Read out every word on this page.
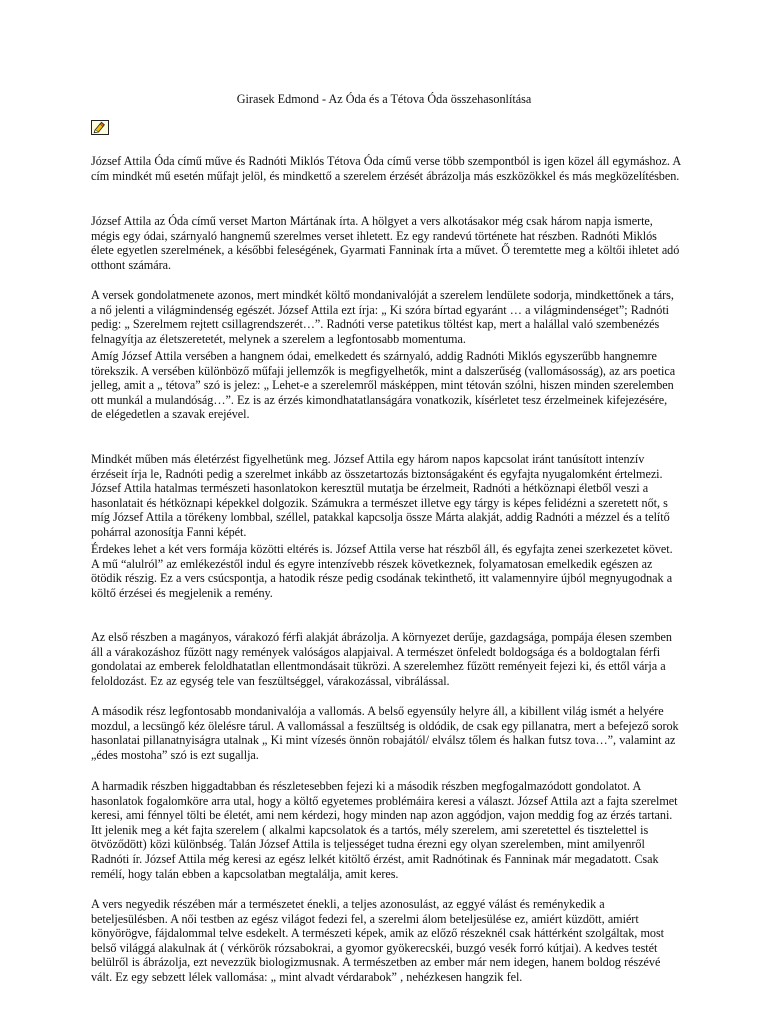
Girasek Edmond - Az Óda és a Tétova Óda összehasonlítása

József Attila Óda című műve és Radnóti Miklós Tétova Óda című verse több szempontból is igen közel áll egymáshoz. A cím mindkét mű esetén műfajt jelöl, és mindkettő a szerelem érzését ábrázolja más eszközökkel és más megközelítésben.

József Attila az Óda című verset Marton Mártának írta. A hölgyet a vers alkotásakor még csak három napja ismerte, mégis egy ódai, szárnyaló hangnemű szerelmes verset ihletett. Ez egy randevú története hat részben. Radnóti Miklós élete egyetlen szerelmének, a későbbi feleségének, Gyarmati Fanninak írta a művet. Ő teremtette meg a költői ihletet adó otthont számára.

A versek gondolatmenete azonos, mert mindkét költő mondanivalóját a szerelem lendülete sodorja, mindkettőnek a társ, a nő jelenti a világmindenség egészét. József Attila ezt írja: „ Ki szóra bírtad egyaránt … a világmindenséget”; Radnóti pedig: „ Szerelmem rejtett csillagrendszerét…”. Radnóti verse patetikus töltést kap, mert a halállal való szembenézés felnagyítja az életszeretetét, melynek a szerelem a legfontosabb momentuma.

Amíg József Attila versében a hangnem ódai, emelkedett és szárnyaló, addig Radnóti Miklós egyszerűbb hangnemre törekszik. A versében különböző műfaji jellemzők is megfigyelhetők, mint a dalszerűség (vallomásosság), az ars poetica jelleg, amit a „ tétova” szó is jelez: „ Lehet-e a szerelemről másképpen, mint tétován szólni, hiszen minden szerelemben ott munkál a mulandóság…”. Ez is az érzés kimondhatatlanságára vonatkozik, kísérletet tesz érzelmeinek kifejezésére, de elégedetlen a szavak erejével.

Mindkét műben más életérzést figyelhetünk meg. József Attila egy három napos kapcsolat iránt tanúsított intenzív érzéseit írja le, Radnóti pedig a szerelmet inkább az összetartozás biztonságaként és egyfajta nyugalomként értelmezi. József Attila hatalmas természeti hasonlatokon keresztül mutatja be érzelmeit, Radnóti a hétköznapi életből veszi a hasonlatait és hétköznapi képekkel dolgozik. Számukra a természet illetve egy tárgy is képes felidézni a szeretett nőt, s míg József Attila a törékeny lombbal, széllel, patakkal kapcsolja össze Márta alakját, addig Radnóti a mézzel és a telítő pohárral azonosítja Fanni képét.

Érdekes lehet a két vers formája közötti eltérés is. József Attila verse hat részből áll, és egyfajta zenei szerkezetet követ. A mű “alulról” az emlékezéstől indul és egyre intenzívebb részek következnek, folyamatosan emelkedik egészen az ötödik részig. Ez a vers csúcspontja, a hatodik része pedig csodának tekinthető, itt valamennyire újból megnyugodnak a költő érzései és megjelenik a remény.

Az első részben a magányos, várakozó férfi alakját ábrázolja. A környezet derűje, gazdagsága, pompája élesen szemben áll a várakozáshoz fűzött nagy remények valóságos alapjaival. A természet önfeledt boldogsága és a boldogtalan férfi gondolatai az emberek feloldhatatlan ellentmondásait tükrözi. A szerelemhez fűzött reményeit fejezi ki, és ettől várja a feloldozást. Ez az egység tele van feszültséggel, várakozással, vibrálással.

A második rész legfontosabb mondanivalója a vallomás. A belső egyensúly helyre áll, a kibillent világ ismét a helyére mozdul, a lecsüngő kéz ölelésre tárul. A vallomással a feszültség is oldódik, de csak egy pillanatra, mert a befejező sorok hasonlatai pillanatnyiságra utalnak „ Ki mint vízesés önnön robajától/ elválsz tőlem és halkan futsz tova…”, valamint az „édes mostoha” szó is ezt sugallja.

A harmadik részben higgadtabban és részletesebben fejezi ki a második részben megfogalmazódott gondolatot. A hasonlatok fogalomköre arra utal, hogy a költő egyetemes problémáira keresi a választ. József Attila azt a fajta szerelmet keresi, ami fénnyel tölti be életét, ami nem kérdezi, hogy minden nap azon aggódjon, vajon meddig fog az érzés tartani. Itt jelenik meg a két fajta szerelem ( alkalmi kapcsolatok és a tartós, mély szerelem, ami szeretettel és tisztelettel is ötvöződött) közi különbség. Talán József Attila is teljességet tudna érezni egy olyan szerelemben, mint amilyenről Radnóti ír. József Attila még keresi az egész lelkét kitöltő érzést, amit Radnótinak és Fanninak már megadatott. Csak remélí, hogy talán ebben a kapcsolatban megtalálja, amit keres.

A vers negyedik részében már a természetet énekli, a teljes azonosulást, az eggyé válást és reménykedik a beteljesülésben. A női testben az egész világot fedezi fel, a szerelmi álom beteljesülése ez, amiért küzdött, amiért könyörögve, fájdalommal telve esdekelt. A természeti képek, amik az előző részeknél csak háttérként szolgáltak, most belső világgá alakulnak át ( vérkörök rózsabokrai, a gyomor gyökerecskéi, buzgó vesék forró kútjai). A kedves testét belülről is ábrázolja, ezt nevezzük biologizmusnak. A természetben az ember már nem idegen, hanem boldog részévé vált. Ez egy sebzett lélek vallomása: „ mint alvadt vérdarabok” , nehézkesen hangzik fel.
